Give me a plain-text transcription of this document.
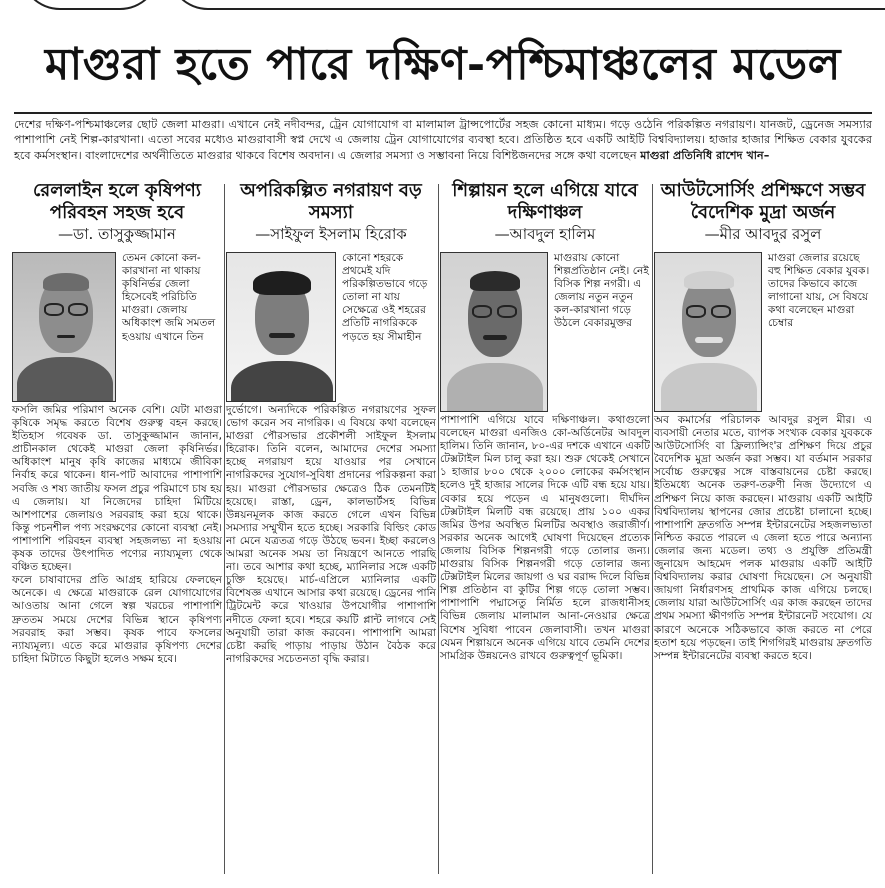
মাগুরা হতে পারে দক্ষিণ-পশ্চিমাঞ্চলের মডেল
দেশের দক্ষিণ-পশ্চিমাঞ্চলের ছোট জেলা মাগুরা। এখানে নেই নদীবন্দর, ট্রেন যোগাযোগ বা মালামাল ট্রান্সপোর্টের সহজ কোনো মাধ্যম। গড়ে ওঠেনি পরিকল্পিত নগরায়ণ। যানজট, ড্রেনেজ সমস্যার পাশাপাশি নেই শিল্প-কারখানা। এতো সবের মধ্যেও মাগুরাবাসী স্বপ্ন দেখে এ জেলায় ট্রেন যোগাযোগের ব্যবস্থা হবে। প্রতিষ্ঠিত হবে একটি আইটি বিশ্ববিদ্যালয়। হাজার হাজার শিক্ষিত বেকার যুবকের হবে কর্মসংস্থান। বাংলাদেশের অর্থনীতিতে মাগুরার থাকবে বিশেষ অবদান। এ জেলার সমস্যা ও সম্ভাবনা নিয়ে বিশিষ্টজনদের সঙ্গে কথা বলেছেন মাগুরা প্রতিনিধি রাশেদ খান–
রেললাইন হলে কৃষিপণ্য পরিবহন সহজ হবে
—ডা. তাসুকুজ্জামান
তেমন কোনো কল-কারখানা না থাকায় কৃষিনির্ভর জেলা হিসেবেই পরিচিতি মাগুরা। জেলায় অধিকাংশ জমি সমতল হওয়ায় এখানে তিন

ফসলি জমির পরিমাণ অনেক বেশি। যেটা মাগুরা কৃষিকে সমৃদ্ধ করতে বিশেষ গুরুত্ব বহন করছে। ইতিহাস গবেষক ডা. তাসুকুজ্জামান জানান, প্রাচীনকাল থেকেই মাগুরা জেলা কৃষিনির্ভর। অধিকাংশ মানুষ কৃষি কাজের মাধ্যমে জীবিকা নির্বাহ করে থাকেন। ধান-পাট আবাদের পাশাপাশি সবজি ও শষ্য জাতীয় ফসল প্রচুর পরিমাণে চাষ হয় এ জেলায়। যা নিজেদের চাহিদা মিটিয়ে আশপাশের জেলায়ও সরবরাহ করা হয়ে থাকে। কিন্তু পচনশীল পণ্য সংরক্ষণের কোনো ব্যবস্থা নেই। পাশাপাশি পরিবহন ব্যবস্থা সহজলভ্য না হওয়ায় কৃষক তাদের উৎপাদিত পণ্যের ন্যায্যমূল্য থেকে বঞ্চিত হচ্ছেন।

ফলে চাষাবাদের প্রতি আগ্রহ হারিয়ে ফেলছেন অনেকে। এ ক্ষেত্রে মাগুরাকে রেল যোগাযোগের আওতায় আনা গেলে স্বল্প খরচের পাশাপাশি দ্রুততম সময়ে দেশের বিভিন্ন স্থানে কৃষিপণ্য সরবরাহ করা সম্ভব। কৃষক পাবে ফসলের ন্যায্যমূল্য। এতে করে মাগুরার কৃষিপণ্য দেশের চাহিদা মিটাতে কিছুটা হলেও সক্ষম হবে।

অপরিকল্পিত নগরায়ণ বড় সমস্যা
—সাইফুল ইসলাম হিরোক
কোনো শহরকে প্রথমেই যদি পরিকল্পিতভাবে গড়ে তোলা না যায় সেক্ষেত্রে ওই শহরের প্রতিটি নাগরিককে পড়তে হয় সীমাহীন

দুর্ভোগে। অন্যদিকে পরিকল্পিত নগরায়ণের সুফল ভোগ করেন সব নাগরিক। এ বিষয়ে কথা বলেছেন মাগুরা পৌরসভার প্রকৌশলী সাইফুল ইসলাম হিরোক। তিনি বলেন, আমাদের দেশের সমস্যা হচ্ছে নগরায়ণ হয়ে যাওয়ার পর সেখানে নাগরিকদের সুযোগ-সুবিধা প্রদানের পরিকল্পনা করা হয়। মাগুরা পৌরসভার ক্ষেত্রেও ঠিক তেমনটিই হয়েছে। রাস্তা, ড্রেন, কালভার্টসহ বিভিন্ন উন্নয়নমূলক কাজ করতে গেলে এখন বিভিন্ন সমস্যার সম্মুখীন হতে হচ্ছে। সরকারি বিল্ডিং কোড না মেনে যত্রতত্র গড়ে উঠছে ভবন। ইচ্ছা করলেও আমরা অনেক সময় তা নিয়ন্ত্রণে আনতে পারছি না। তবে আশার কথা হচ্ছে, ম্যানিলার সঙ্গে একটি চুক্তি হয়েছে। মার্চ-এপ্রিলে ম্যানিলার একটি বিশেষজ্ঞ এখানে আসার কথা রয়েছে। ড্রেনের পানি ট্রিটমেন্ট করে খাওয়ার উপযোগীর পাশাপাশি নদীতে ফেলা হবে। শহরে কয়টি প্লান্ট লাগবে সেই অনুযায়ী তারা কাজ করবেন। পাশাপাশি আমরা চেষ্টা করছি পাড়ায় পাড়ায় উঠান বৈঠক করে নাগরিকদের সচেতনতা বৃদ্ধি করার।

শিল্পায়ন হলে এগিয়ে যাবে দক্ষিণাঞ্চল
—আবদুল হালিম
মাগুরায় কোনো শিল্পপ্রতিষ্ঠান নেই। নেই বিসিক শিল্প নগরী। এ জেলায় নতুন নতুন কল-কারখানা গড়ে উঠলে বেকারমুক্তর

পাশাপাশি এগিয়ে যাবে দক্ষিণাঞ্চল। কথাগুলো বলেছেন মাগুরা এনজিও কো-অর্ডিনেটর আবদুল হালিম। তিনি জানান, ৮০-এর দশকে এখানে একটি টেক্সটাইল মিল চালু করা হয়। শুরু থেকেই সেখানে ১ হাজার ৮০০ থেকে ২০০০ লোকের কর্মসংস্থান হলেও দুই হাজার সালের দিকে এটি বন্ধ হয়ে যায়। বেকার হয়ে পড়েন এ মানুষগুলো। দীর্ঘদিন টেক্সটাইল মিলটি বন্ধ রয়েছে। প্রায় ১০০ একর জমির উপর অবস্থিত মিলটির অবস্থাও জরাজীর্ণ। সরকার অনেক আগেই ঘোষণা দিয়েছেন প্রত্যেক জেলায় বিসিক শিল্পনগরী গড়ে তোলার জন্য। মাগুরায় বিসিক শিল্পনগরী গড়ে তোলার জন্য টেক্সটাইল মিলের জায়গা ও ঘর বরাদ্দ দিলে বিভিন্ন শিল্প প্রতিষ্ঠান বা কুটির শিল্প গড়ে তোলা সম্ভব। পাশাপাশি পদ্মাসেতু নির্মিত হলে রাজধানীসহ বিভিন্ন জেলায় মালামাল আনা-নেওয়ার ক্ষেত্রে বিশেষ সুবিধা পাবেন জেলাবাসী। তখন মাগুরা যেমন শিল্পায়নে অনেক এগিয়ে যাবে তেমনি দেশের সামগ্রিক উন্নয়নেও রাখবে গুরুত্বপূর্ণ ভূমিকা।

আউটসোর্সিং প্রশিক্ষণে সম্ভব বৈদেশিক মুদ্রা অর্জন
—মীর আবদুর রসুল
মাগুরা জেলার রয়েছে বহু শিক্ষিত বেকার যুবক। তাদের কিভাবে কাজে লাগানো যায়, সে বিষয়ে কথা বলেছেন মাগুরা চেম্বার

অব কমার্সের পরিচালক আবদুর রসুল মীর। এ ব্যবসায়ী নেতার মতে, ব্যাপক সংখ্যক বেকার যুবককে আউটসোর্সিং বা ফ্রিল্যান্সিং'র প্রশিক্ষণ দিয়ে প্রচুর বৈদেশিক মুদ্রা অর্জন করা সম্ভব। যা বর্তমান সরকার সর্বোচ্চ গুরুত্বের সঙ্গে বাস্তবায়নের চেষ্টা করছে। ইতিমধ্যে অনেক তরুণ-তরুণী নিজ উদ্যোগে এ প্রশিক্ষণ নিয়ে কাজ করছেন। মাগুরায় একটি আইটি বিশ্ববিদ্যালয় স্থাপনের জোর প্রচেষ্টা চালানো হচ্ছে। পাশাপাশি দ্রুতগতি সম্পন্ন ইন্টারনেটের সহজলভ্যতা নিশ্চিত করতে পারলে এ জেলা হতে পারে অন্যান্য জেলার জন্য মডেল। তথ্য ও প্রযুক্তি প্রতিমন্ত্রী জুনায়েদ আহমেদ পলক মাগুরায় একটি আইটি বিশ্ববিদ্যালয় করার ঘোষণা দিয়েছেন। সে অনুযায়ী জায়গা নির্ধারণসহ প্রাথমিক কাজ এগিয়ে চলছে। জেলায় যারা আউটসোর্সিং এর কাজ করছেন তাদের প্রথম সমস্যা ক্ষীণগতি সম্পন্ন ইন্টারনেট সংযোগ। যে কারণে অনেকে সঠিকভাবে কাজ করতে না পেরে হতাশ হয়ে পড়ছেন। তাই শিগগিরই মাগুরায় দ্রুতগতি সম্পন্ন ইন্টারনেটের ব্যবস্থা করতে হবে।
